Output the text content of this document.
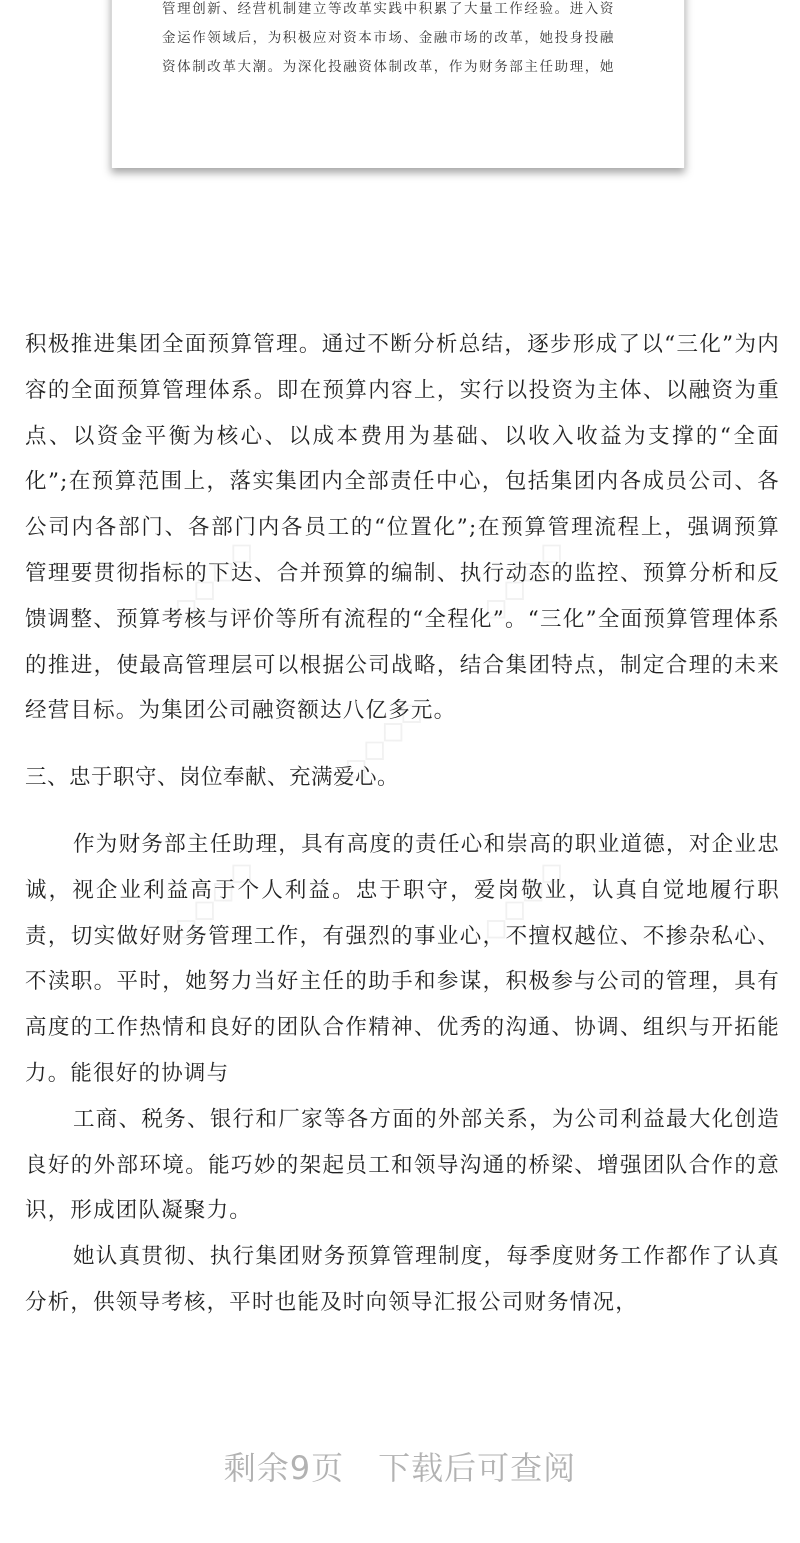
管理创新、经营机制建立等改革实践中积累了大量工作经验。进入资
金运作领域后，为积极应对资本市场、金融市场的改革，她投身投融
资体制改革大潮。为深化投融资体制改革，作为财务部主任助理，她

积极推进集团全面预算管理。通过不断分析总结，逐步形成了以“三化”为内容的全面预算管理体系。即在预算内容上，实行以投资为主体、以融资为重点、以资金平衡为核心、以成本费用为基础、以收入收益为支撑的“全面化”;在预算范围上，落实集团内全部责任中心，包括集团内各成员公司、各公司内各部门、各部门内各员工的“位置化”;在预算管理流程上，强调预算管理要贯彻指标的下达、合并预算的编制、执行动态的监控、预算分析和反馈调整、预算考核与评价等所有流程的“全程化”。“三化”全面预算管理体系的推进，使最高管理层可以根据公司战略，结合集团特点，制定合理的未来经营目标。为集团公司融资额达八亿多元。

三、忠于职守、岗位奉献、充满爱心。

作为财务部主任助理，具有高度的责任心和崇高的职业道德，对企业忠诚，视企业利益高于个人利益。忠于职守，爱岗敬业，认真自觉地履行职责，切实做好财务管理工作，有强烈的事业心，不擅权越位、不掺杂私心、不渎职。平时，她努力当好主任的助手和参谋，积极参与公司的管理，具有高度的工作热情和良好的团队合作精神、优秀的沟通、协调、组织与开拓能力。能很好的协调与

工商、税务、银行和厂家等各方面的外部关系，为公司利益最大化创造良好的外部环境。能巧妙的架起员工和领导沟通的桥梁、增强团队合作的意识，形成团队凝聚力。

她认真贯彻、执行集团财务预算管理制度，每季度财务工作都作了认真分析，供领导考核，平时也能及时向领导汇报公司财务情况，

◇◇◇◇	◇◇◇◇
◇◇◇◇
◇◇◇◇	◇◇◇◇
剩余9页 下载后可查阅
